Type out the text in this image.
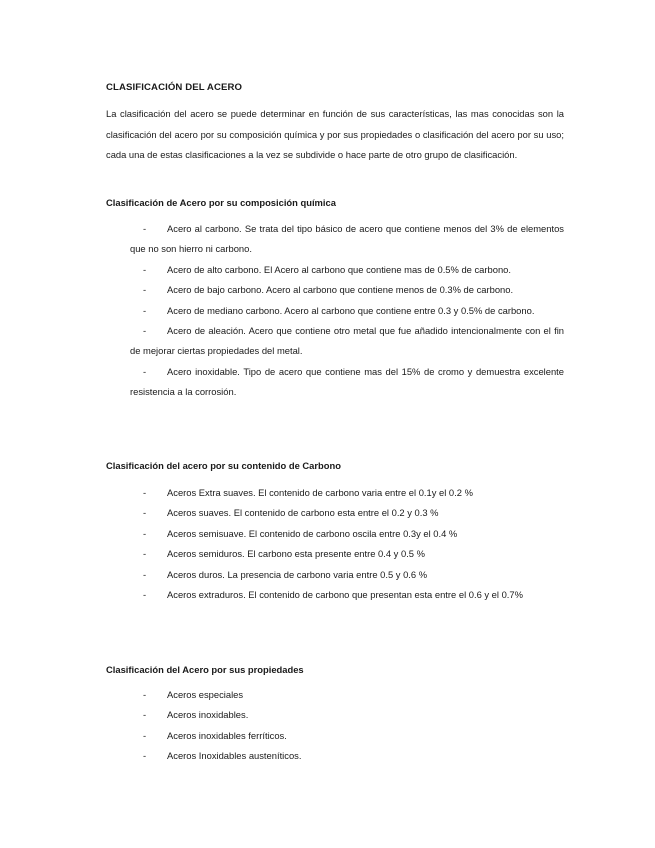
CLASIFICACIÓN DEL ACERO

La clasificación del acero se puede determinar en función de sus características, las mas conocidas son la clasificación del acero por su composición química y por sus propiedades o clasificación del acero por su uso; cada una de estas clasificaciones a la vez se subdivide o hace parte de otro grupo de clasificación.

Clasificación de Acero por su composición química
- Acero al carbono. Se trata del tipo básico de acero que contiene menos del 3% de elementos que no son hierro ni carbono.
- Acero de alto carbono. El Acero al carbono que contiene mas de 0.5% de carbono.
- Acero de bajo carbono. Acero al carbono que contiene menos de 0.3% de carbono.
- Acero de mediano carbono. Acero al carbono que contiene entre 0.3 y 0.5% de carbono.
- Acero de aleación. Acero que contiene otro metal que fue añadido intencionalmente con el fin de mejorar ciertas propiedades del metal.
- Acero inoxidable. Tipo de acero que contiene mas del 15% de cromo y demuestra excelente resistencia a la corrosión.
Clasificación del acero por su contenido de Carbono
- Aceros Extra suaves. El contenido de carbono varia entre el 0.1y el 0.2 %
- Aceros suaves. El contenido de carbono esta entre el 0.2 y 0.3 %
- Aceros semisuave. El contenido de carbono oscila entre 0.3y el 0.4 %
- Aceros semiduros. El carbono esta presente entre 0.4 y 0.5 %
- Aceros duros. La presencia de carbono varia entre 0.5 y 0.6 %
- Aceros extraduros. El contenido de carbono que presentan esta entre el 0.6 y el 0.7%
Clasificación del Acero por sus propiedades
- Aceros especiales
- Aceros inoxidables.
- Aceros inoxidables ferríticos.
- Aceros Inoxidables austeníticos.
